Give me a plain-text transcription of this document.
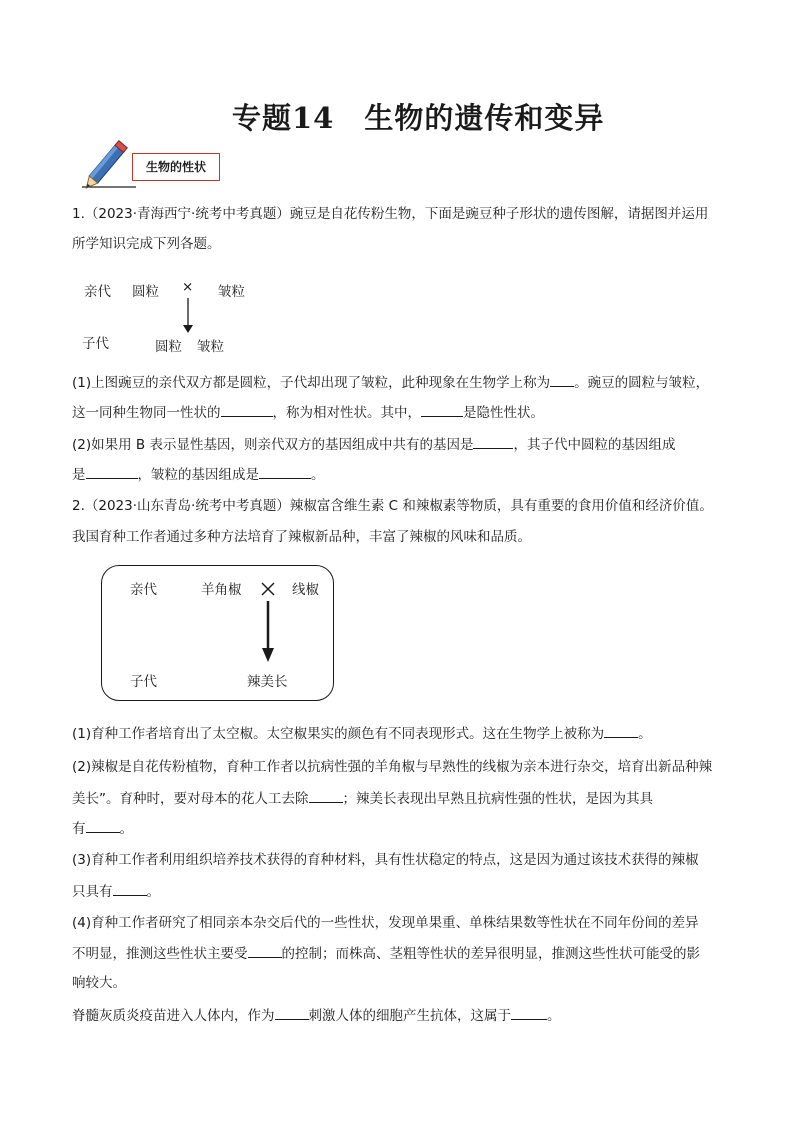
专题14　生物的遗传和变异
生物的性状
1.（2023·青海西宁·统考中考真题）豌豆是自花传粉生物，下面是豌豆种子形状的遗传图解，请据图并运用
所学知识完成下列各题。
亲代 圆粒 × 皱粒
子代	圆粒 皱粒
(1)上图豌豆的亲代双方都是圆粒，子代却出现了皱粒，此种现象在生物学上称为 。豌豆的圆粒与皱粒，
这一同种生物同一性状的	，称为相对性状。其中，	是隐性性状。
(2)如果用 B 表示显性基因，则亲代双方的基因组成中共有的基因是	，其子代中圆粒的基因组成
是	，皱粒的基因组成是	。
2.（2023·山东青岛·统考中考真题）辣椒富含维生素 C 和辣椒素等物质，具有重要的食用价值和经济价值。
我国育种工作者通过多种方法培育了辣椒新品种，丰富了辣椒的风味和品质。
亲代	羊角椒	线椒
子代	辣美长
(1)育种工作者培育出了太空椒。太空椒果实的颜色有不同表现形式。这在生物学上被称为	。
(2)辣椒是自花传粉植物，育种工作者以抗病性强的羊角椒与早熟性的线椒为亲本进行杂交，培育出新品种辣
美长”。育种时，要对母本的花人工去除	；辣美长表现出早熟且抗病性强的性状，是因为其具
有	。
(3)育种工作者利用组织培养技术获得的育种材料，具有性状稳定的特点，这是因为通过该技术获得的辣椒
只具有	。
(4)育种工作者研究了相同亲本杂交后代的一些性状，发现单果重、单株结果数等性状在不同年份间的差异
不明显，推测这些性状主要受	的控制；而株高、茎粗等性状的差异很明显，推测这些性状可能受的影
响较大。
脊髓灰质炎疫苗进入人体内，作为	刺激人体的细胞产生抗体，这属于	。
